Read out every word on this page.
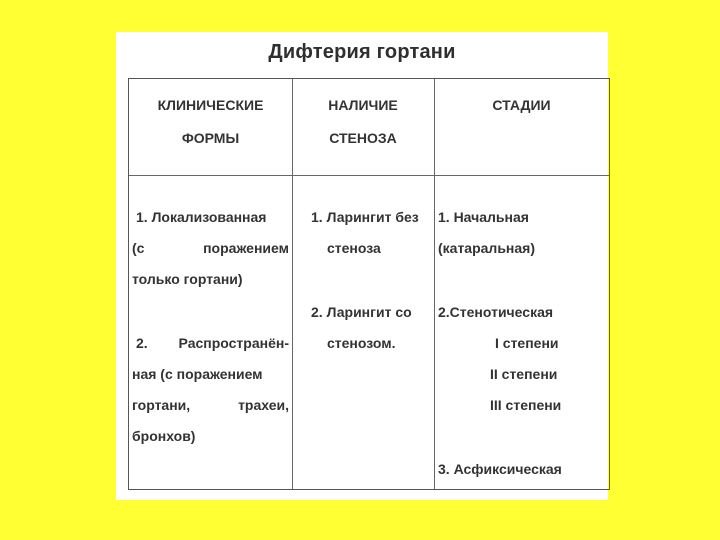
Дифтерия гортани
КЛИНИЧЕСКИЕ
ФОРМЫ
НАЛИЧИЕ
СТЕНОЗА
СТАДИИ
1. Локализованная
(с	поражением
только гортани)
2. Распространён-
ная (с поражением
гортани,	трахеи,
бронхов)
1. Ларингит без
стеноза
2. Ларингит со
стенозом.
1. Начальная
(катаральная)
2.Стенотическая
I степени
II степени
III степени
3. Асфиксическая
